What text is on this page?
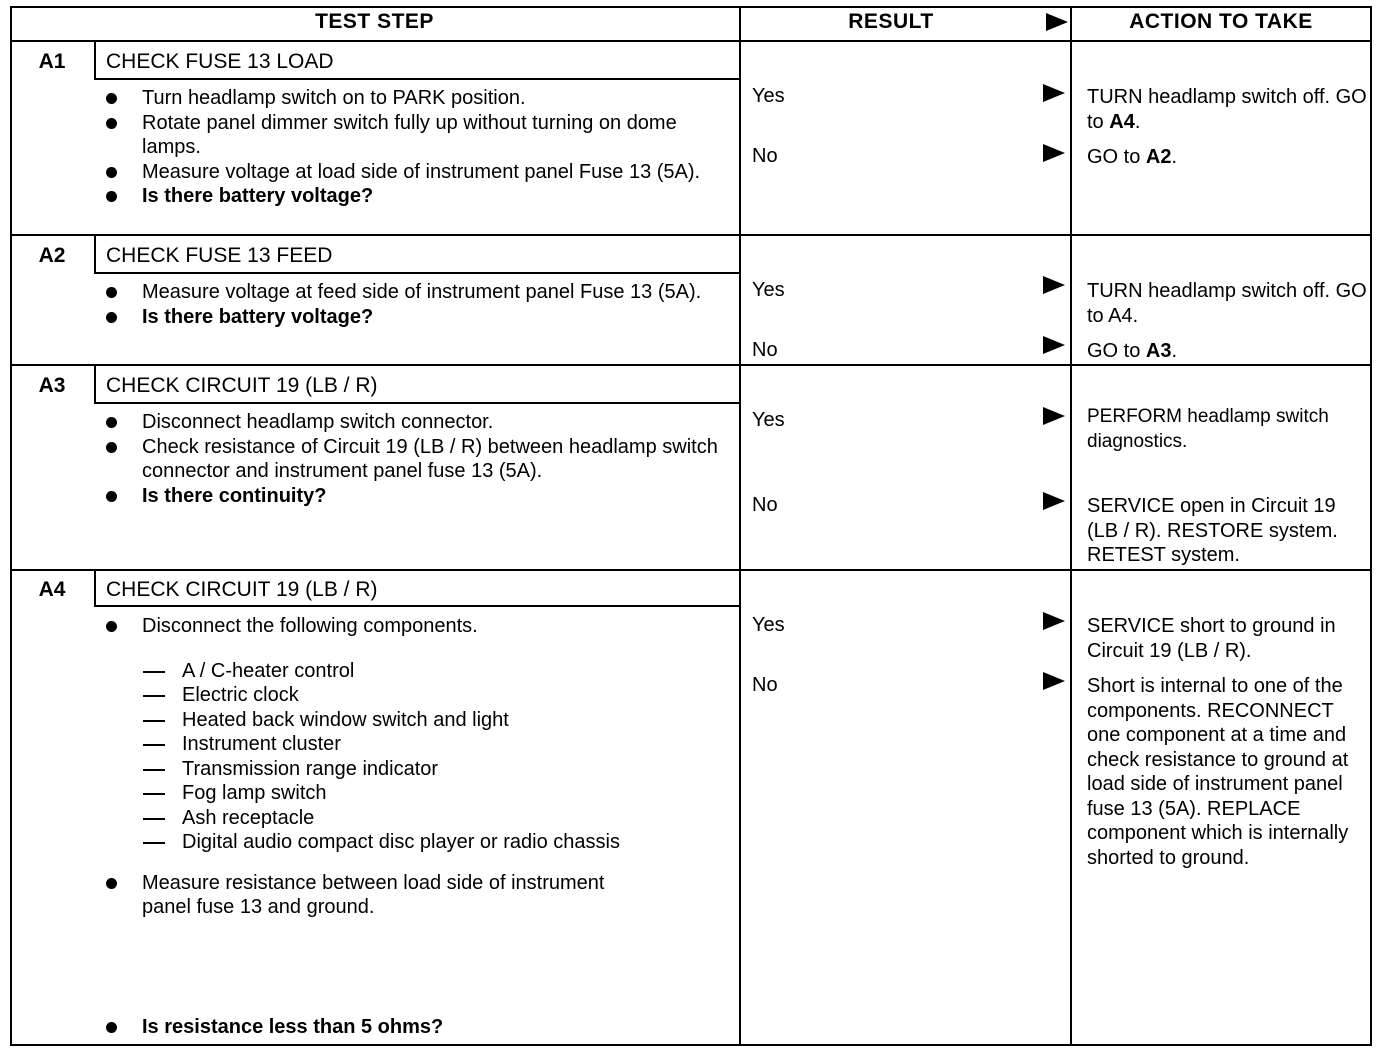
TEST STEP	RESULT	ACTION TO TAKE
A1	CHECK FUSE 13 LOAD
Turn headlamp switch on to PARK position.
Rotate panel dimmer switch fully up without turning on dome lamps.
Measure voltage at load side of instrument panel Fuse 13 (5A).
Is there battery voltage?
Yes	TURN headlamp switch off. GO to A4.
No	GO to A2.
A2	CHECK FUSE 13 FEED
Measure voltage at feed side of instrument panel Fuse 13 (5A).
Is there battery voltage?
Yes	TURN headlamp switch off. GO to A4.
No	GO to A3.
A3	CHECK CIRCUIT 19 (LB / R)
Disconnect headlamp switch connector.
Check resistance of Circuit 19 (LB / R) between headlamp switch connector and instrument panel fuse 13 (5A).
Is there continuity?
Yes	PERFORM headlamp switch diagnostics.
No	SERVICE open in Circuit 19 (LB / R). RESTORE system. RETEST system.
A4	CHECK CIRCUIT 19 (LB / R)
Disconnect the following components.
A / C-heater control
Electric clock
Heated back window switch and light
Instrument cluster
Transmission range indicator
Fog lamp switch
Ash receptacle
Digital audio compact disc player or radio chassis
Measure resistance between load side of instrument panel fuse 13 and ground.
Is resistance less than 5 ohms?
Yes	SERVICE short to ground in Circuit 19 (LB / R).
No	Short is internal to one of the components. RECONNECT one component at a time and check resistance to ground at load side of instrument panel fuse 13 (5A). REPLACE component which is internally shorted to ground.
